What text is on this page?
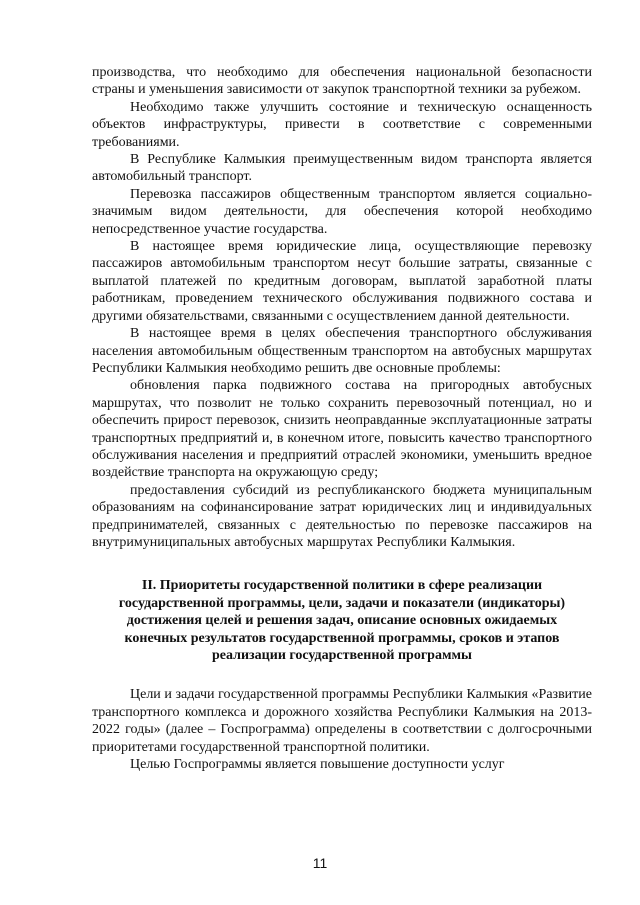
производства, что необходимо для обеспечения национальной безопасности страны и уменьшения зависимости от закупок транспортной техники за рубежом.

Необходимо также улучшить состояние и техническую оснащенность объектов инфраструктуры, привести в соответствие с современными требованиями.

В Республике Калмыкия преимущественным видом транспорта является автомобильный транспорт.

Перевозка пассажиров общественным транспортом является социально-значимым видом деятельности, для обеспечения которой необходимо непосредственное участие государства.

В настоящее время юридические лица, осуществляющие перевозку пассажиров автомобильным транспортом несут большие затраты, связанные с выплатой платежей по кредитным договорам, выплатой заработной платы работникам, проведением технического обслуживания подвижного состава и другими обязательствами, связанными с осуществлением данной деятельности.

В настоящее время в целях обеспечения транспортного обслуживания населения автомобильным общественным транспортом на автобусных маршрутах Республики Калмыкия необходимо решить две основные проблемы:

обновления парка подвижного состава на пригородных автобусных маршрутах, что позволит не только сохранить перевозочный потенциал, но и обеспечить прирост перевозок, снизить неоправданные эксплуатационные затраты транспортных предприятий и, в конечном итоге, повысить качество транспортного обслуживания населения и предприятий отраслей экономики, уменьшить вредное воздействие транспорта на окружающую среду;

предоставления субсидий из республиканского бюджета муниципальным образованиям на софинансирование затрат юридических лиц и индивидуальных предпринимателей, связанных с деятельностью по перевозке пассажиров на внутримуниципальных автобусных маршрутах Республики Калмыкия.

II. Приоритеты государственной политики в сфере реализации

государственной программы, цели, задачи и показатели (индикаторы)

достижения целей и решения задач, описание основных ожидаемых

конечных результатов государственной программы, сроков и этапов

реализации государственной программы

Цели и задачи государственной программы Республики Калмыкия «Развитие транспортного комплекса и дорожного хозяйства Республики Калмыкия на 2013-2022 годы» (далее – Госпрограмма) определены в соответствии с долгосрочными приоритетами государственной транспортной политики.

Целью Госпрограммы является повышение доступности услуг

11
